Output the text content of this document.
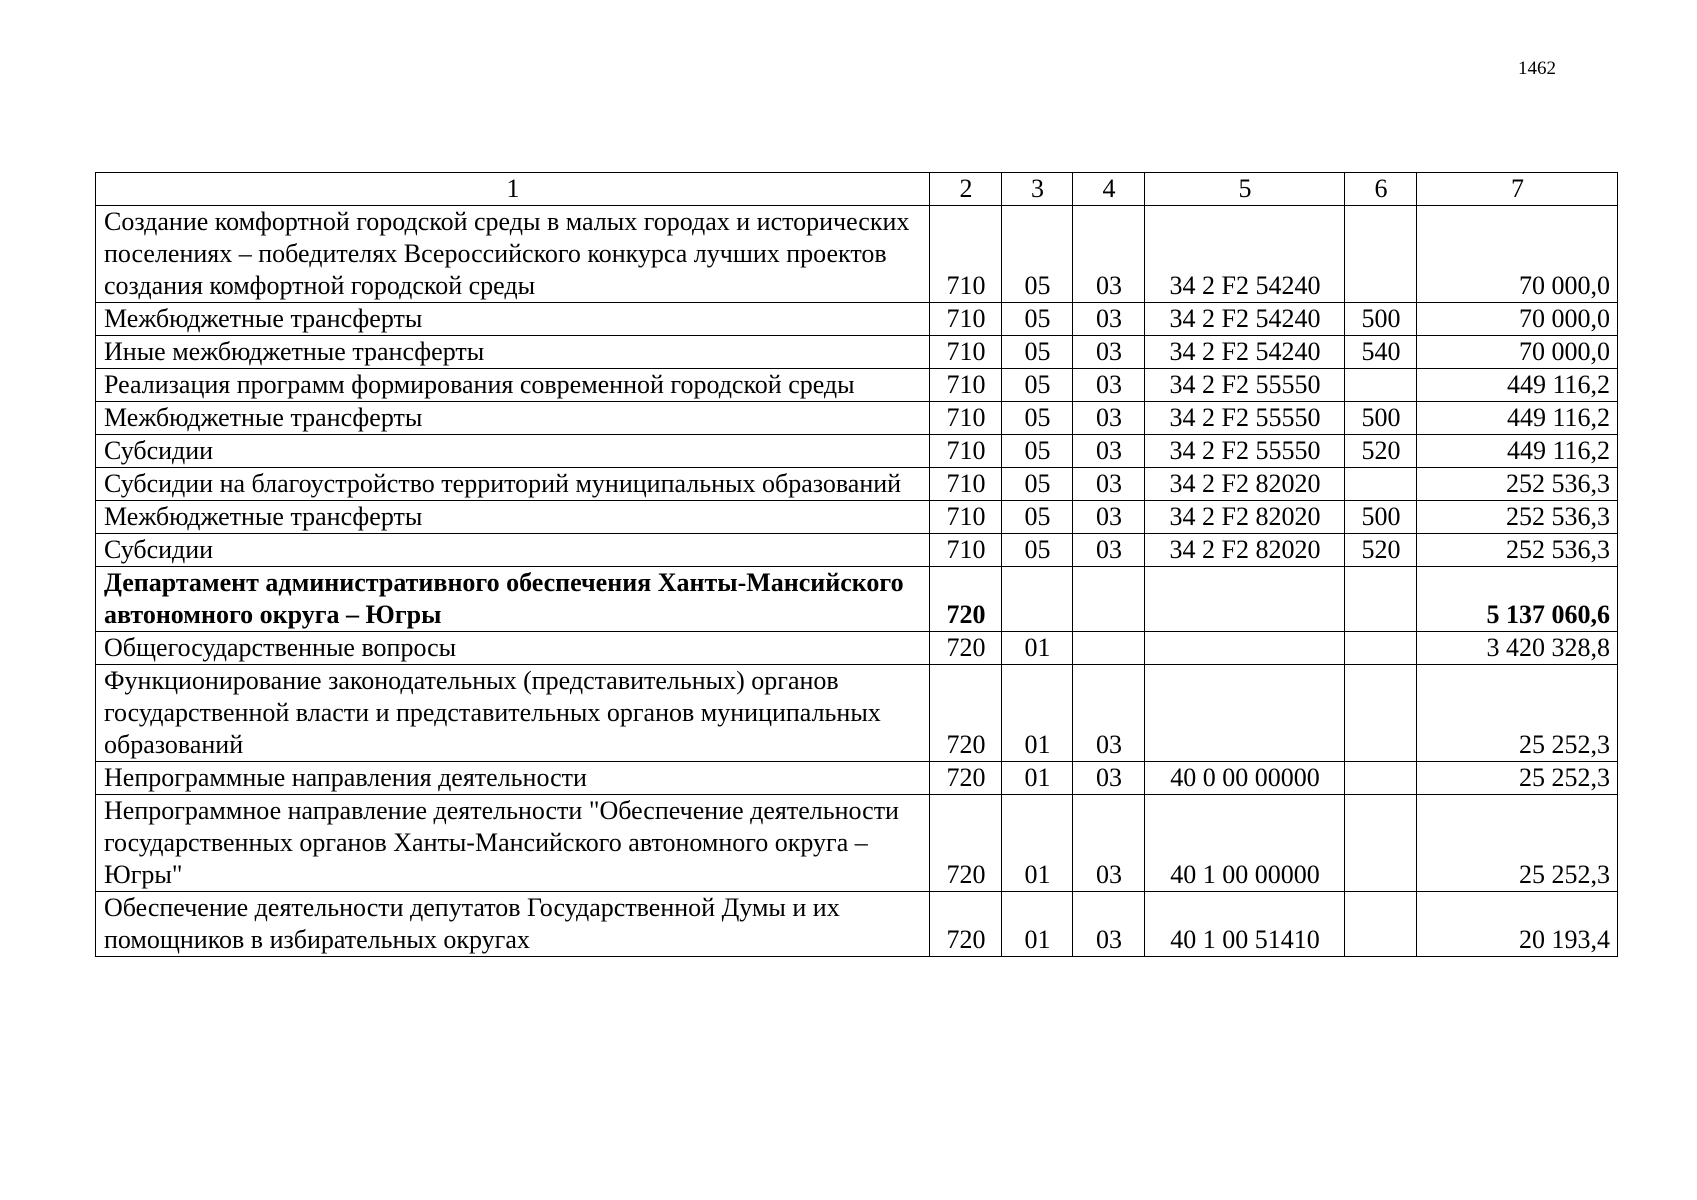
1462
1	2	3	4	5	6	7
Создание комфортной городской среды в малых городах и исторических поселениях – победителях Всероссийского конкурса лучших проектов создания комфортной городской среды	710	05	03	34 2 F2 54240		70 000,0
Межбюджетные трансферты	710	05	03	34 2 F2 54240	500	70 000,0
Иные межбюджетные трансферты	710	05	03	34 2 F2 54240	540	70 000,0
Реализация программ формирования современной городской среды	710	05	03	34 2 F2 55550		449 116,2
Межбюджетные трансферты	710	05	03	34 2 F2 55550	500	449 116,2
Субсидии	710	05	03	34 2 F2 55550	520	449 116,2
Субсидии на благоустройство территорий муниципальных образований	710	05	03	34 2 F2 82020		252 536,3
Межбюджетные трансферты	710	05	03	34 2 F2 82020	500	252 536,3
Субсидии	710	05	03	34 2 F2 82020	520	252 536,3
Департамент административного обеспечения Ханты-Мансийского автономного округа – Югры	720					5 137 060,6
Общегосударственные вопросы	720	01				3 420 328,8
Функционирование законодательных (представительных) органов государственной власти и представительных органов муниципальных образований	720	01	03			25 252,3
Непрограммные направления деятельности	720	01	03	40 0 00 00000		25 252,3
Непрограммное направление деятельности "Обеспечение деятельности государственных органов Ханты-Мансийского автономного округа – Югры"	720	01	03	40 1 00 00000		25 252,3
Обеспечение деятельности депутатов Государственной Думы и их помощников в избирательных округах	720	01	03	40 1 00 51410		20 193,4
